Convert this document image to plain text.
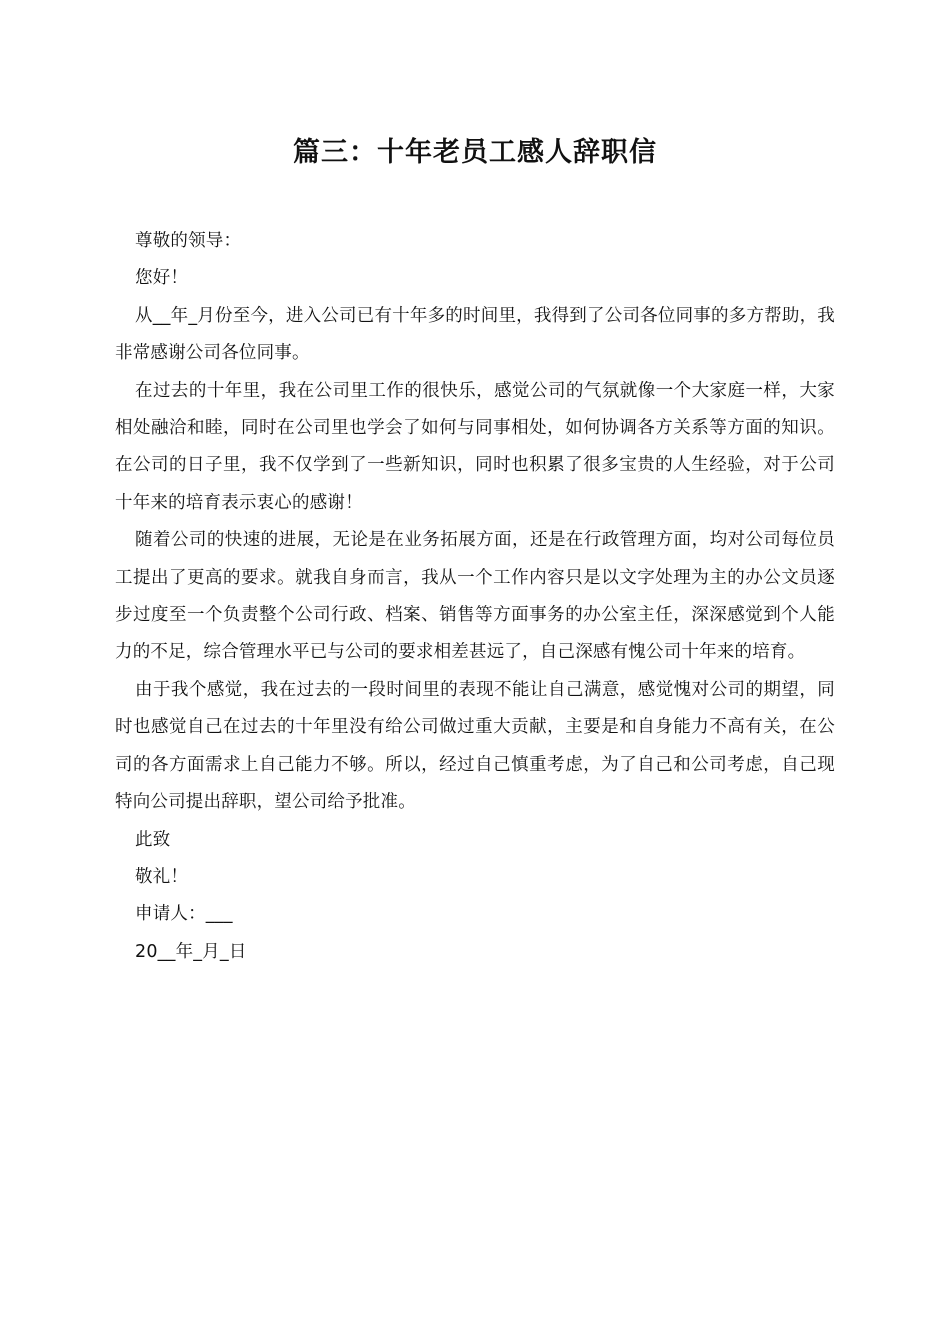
篇三：十年老员工感人辞职信

尊敬的领导：

您好！

从__年_月份至今，进入公司已有十年多的时间里，我得到了公司各位同事的多方帮助，我非常感谢公司各位同事。

在过去的十年里，我在公司里工作的很快乐，感觉公司的气氛就像一个大家庭一样，大家相处融洽和睦，同时在公司里也学会了如何与同事相处，如何协调各方关系等方面的知识。在公司的日子里，我不仅学到了一些新知识，同时也积累了很多宝贵的人生经验，对于公司十年来的培育表示衷心的感谢！

随着公司的快速的进展，无论是在业务拓展方面，还是在行政管理方面，均对公司每位员工提出了更高的要求。就我自身而言，我从一个工作内容只是以文字处理为主的办公文员逐步过度至一个负责整个公司行政、档案、销售等方面事务的办公室主任，深深感觉到个人能力的不足，综合管理水平已与公司的要求相差甚远了，自己深感有愧公司十年来的培育。

由于我个感觉，我在过去的一段时间里的表现不能让自己满意，感觉愧对公司的期望，同时也感觉自己在过去的十年里没有给公司做过重大贡献，主要是和自身能力不高有关，在公司的各方面需求上自己能力不够。所以，经过自己慎重考虑，为了自己和公司考虑，自己现特向公司提出辞职，望公司给予批准。

此致

敬礼！

申请人：___

20__年_月_日
